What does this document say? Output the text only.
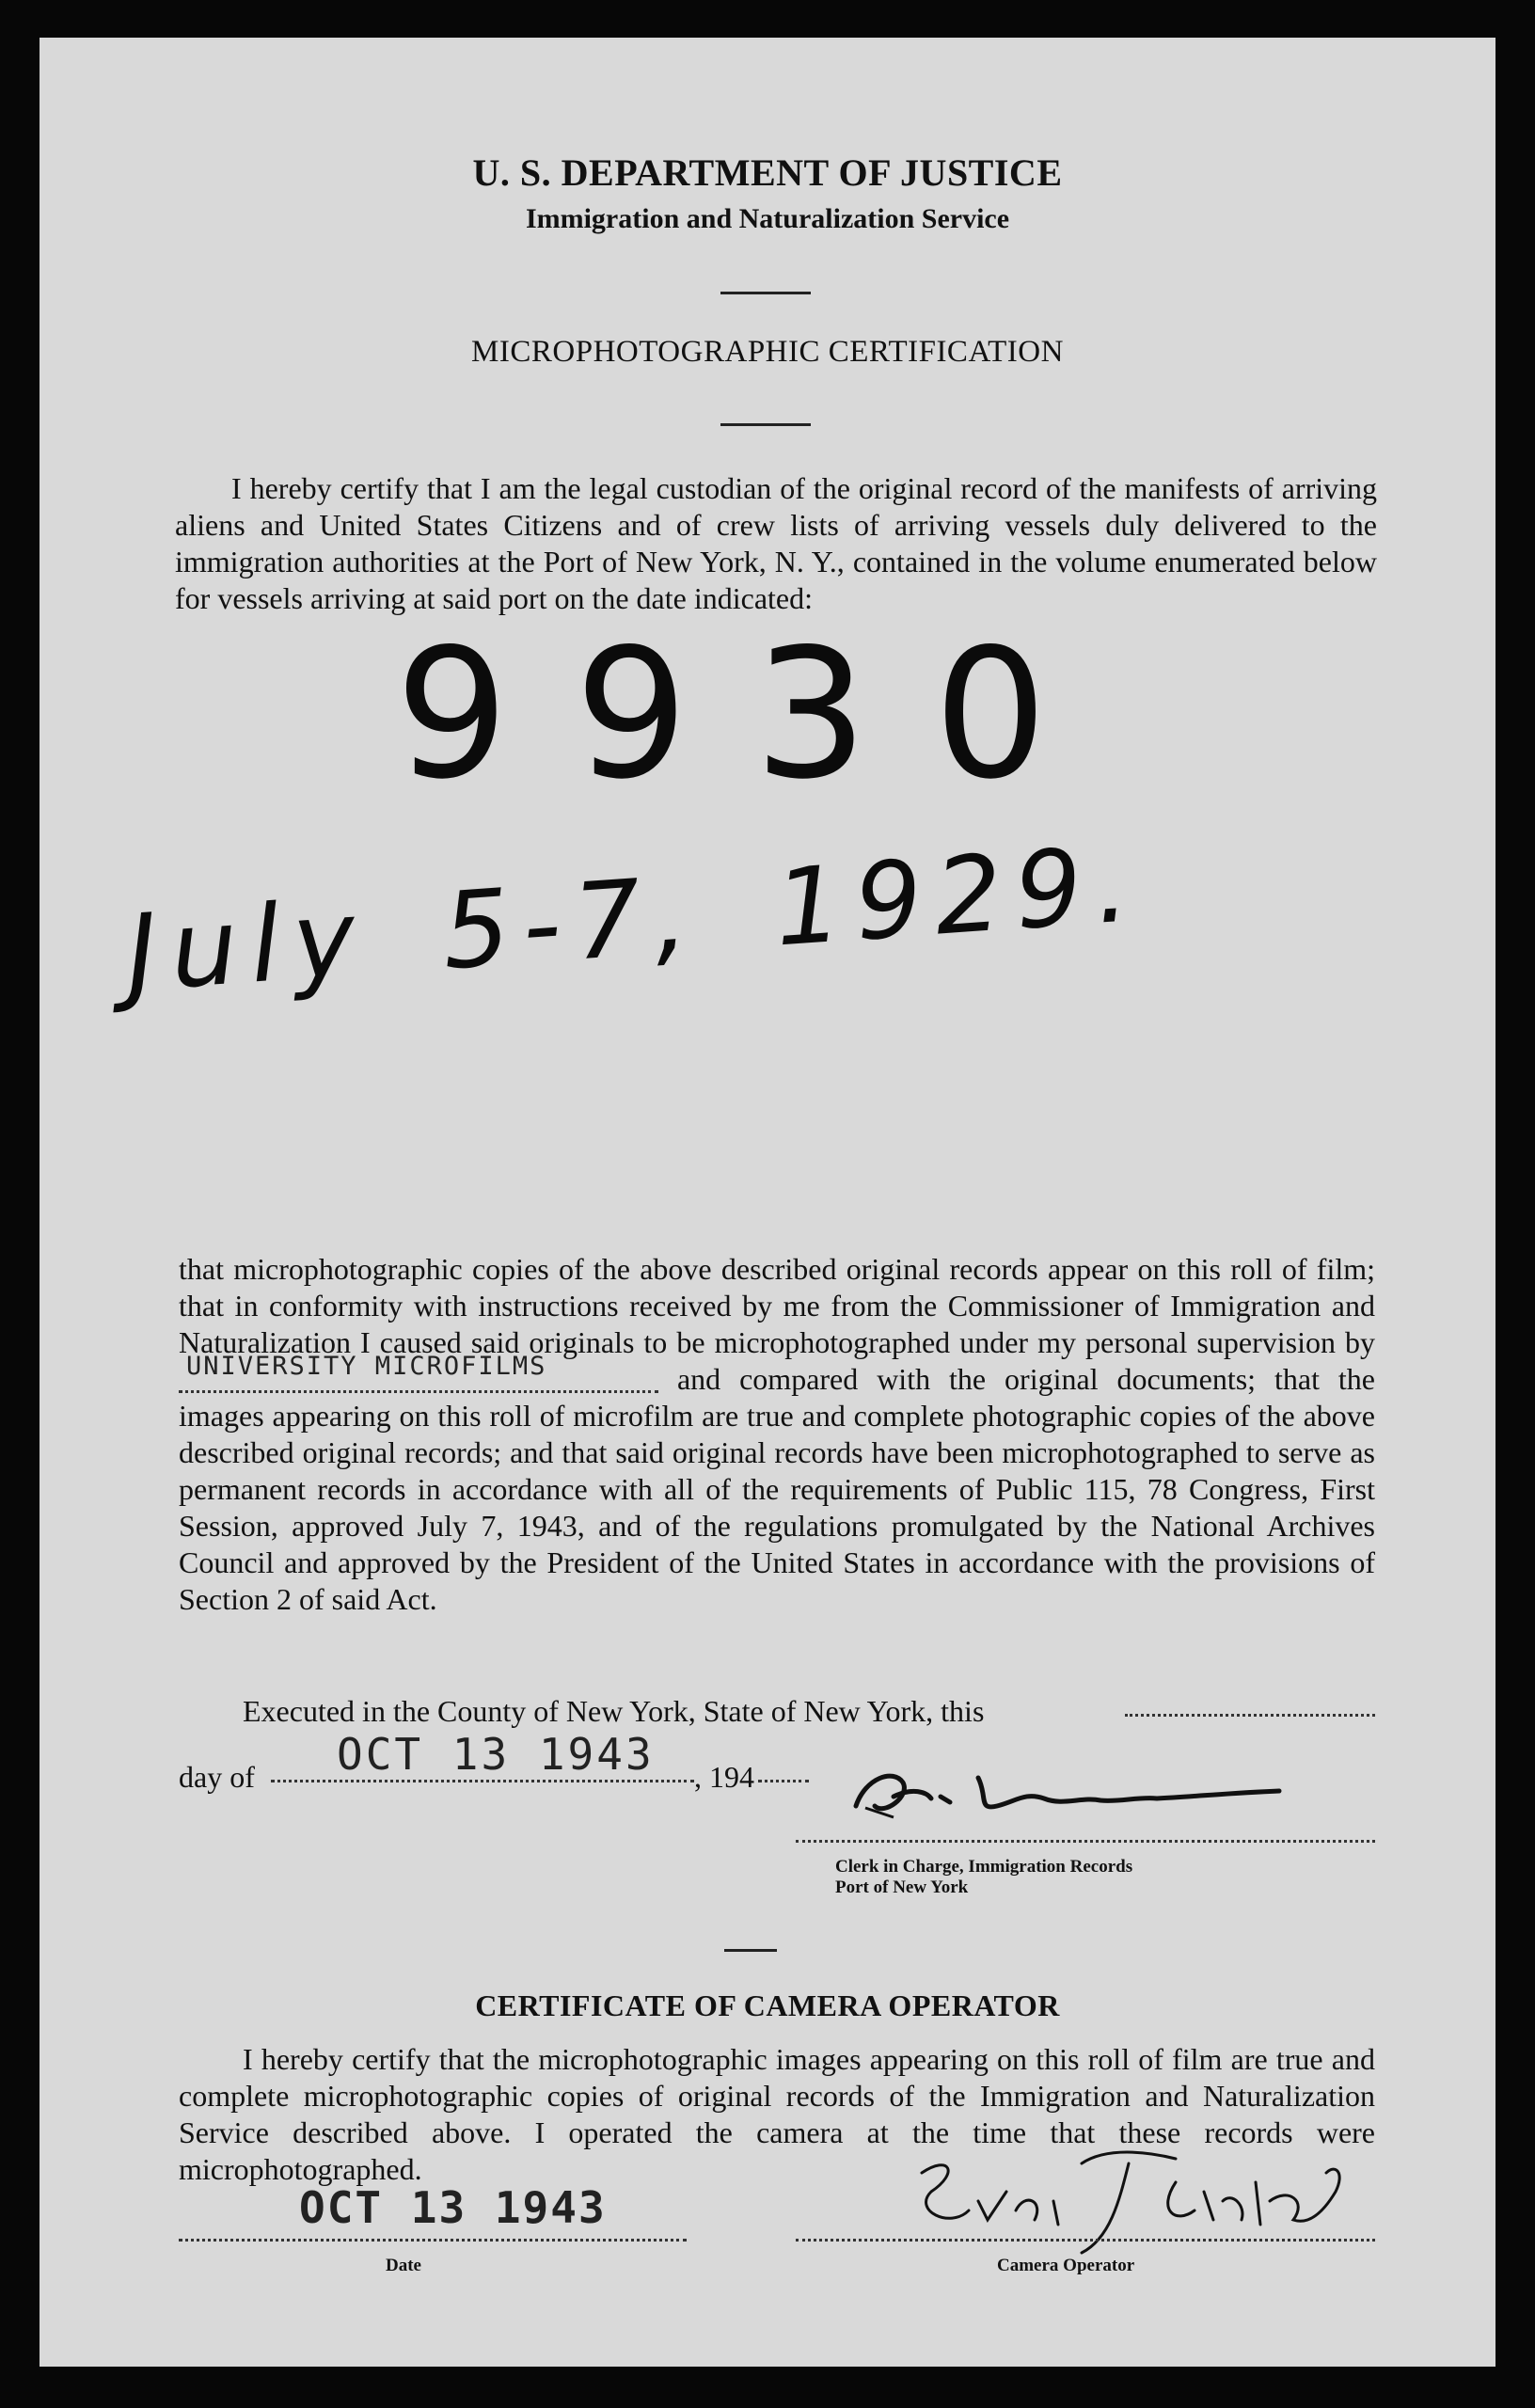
U. S. DEPARTMENT OF JUSTICE
Immigration and Naturalization Service
MICROPHOTOGRAPHIC CERTIFICATION
I hereby certify that I am the legal custodian of the original record of the manifests of arriving aliens and United States Citizens and of crew lists of arriving vessels duly delivered to the immigration authorities at the Port of New York, N. Y., contained in the volume enumerated below for vessels arriving at said port on the date indicated:
9930
July 5-7, 1929.
that microphotographic copies of the above described original records appear on this roll of film; that in conformity with instructions received by me from the Commissioner of Immigration and Naturalization I caused said originals to be microphotographed under my personal supervision by
UNIVERSITY MICROFILMS	and compared with the original documents; that the images appearing on this roll of microfilm are true and complete photographic copies of the above described original records; and that said original records have been microphotographed to serve as permanent records in accordance with all of the requirements of Public 115, 78 Congress, First Session, approved July 7, 1943, and of the regulations promulgated by the National Archives Council and approved by the President of the United States in accordance with the provisions of Section 2 of said Act.
Executed in the County of New York, State of New York, this
day of OCT 13 1943 , 194
Clerk in Charge, Immigration Records
Port of New York
CERTIFICATE OF CAMERA OPERATOR
I hereby certify that the microphotographic images appearing on this roll of film are true and complete microphotographic copies of original records of the Immigration and Naturalization Service described above. I operated the camera at the time that these records were microphotographed.
OCT 13 1943
Date	Camera Operator
